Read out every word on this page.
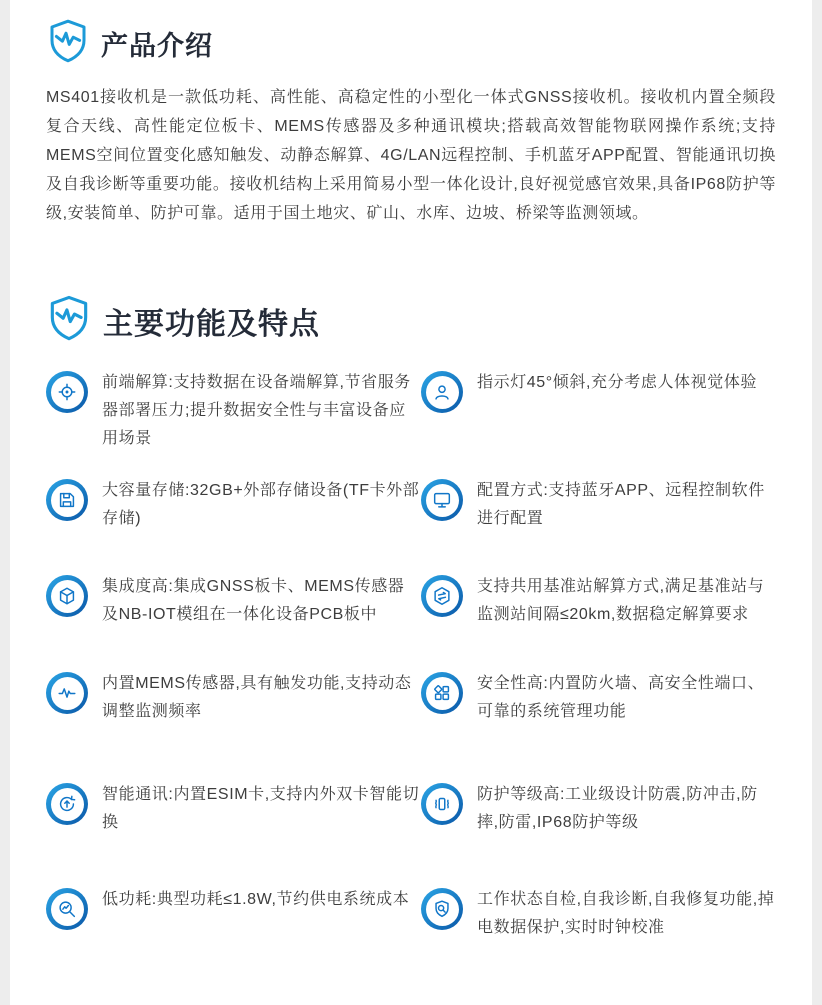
产品介绍

MS401接收机是一款低功耗、高性能、高稳定性的小型化一体式GNSS接收机。接收机内置全频段复合天线、高性能定位板卡、MEMS传感器及多种通讯模块;搭载高效智能物联网操作系统;支持MEMS空间位置变化感知触发、动静态解算、4G/LAN远程控制、手机蓝牙APP配置、智能通讯切换及自我诊断等重要功能。接收机结构上采用简易小型一体化设计,良好视觉感官效果,具备IP68防护等级,安装简单、防护可靠。适用于国土地灾、矿山、水库、边坡、桥梁等监测领域。

主要功能及特点
前端解算:支持数据在设备端解算,节省服务器部署压力;提升数据安全性与丰富设备应用场景
指示灯45°倾斜,充分考虑人体视觉体验
大容量存储:32GB+外部存储设备(TF卡外部存储)
配置方式:支持蓝牙APP、远程控制软件进行配置
集成度高:集成GNSS板卡、MEMS传感器及NB-IOT模组在一体化设备PCB板中
支持共用基准站解算方式,满足基准站与监测站间隔≤20km,数据稳定解算要求
内置MEMS传感器,具有触发功能,支持动态调整监测频率
安全性高:内置防火墙、高安全性端口、可靠的系统管理功能
智能通讯:内置ESIM卡,支持内外双卡智能切换
防护等级高:工业级设计防震,防冲击,防摔,防雷,IP68防护等级
低功耗:典型功耗≤1.8W,节约供电系统成本	工作状态自检,自我诊断,自我修复功能,掉电数据保护,实时时钟校准
